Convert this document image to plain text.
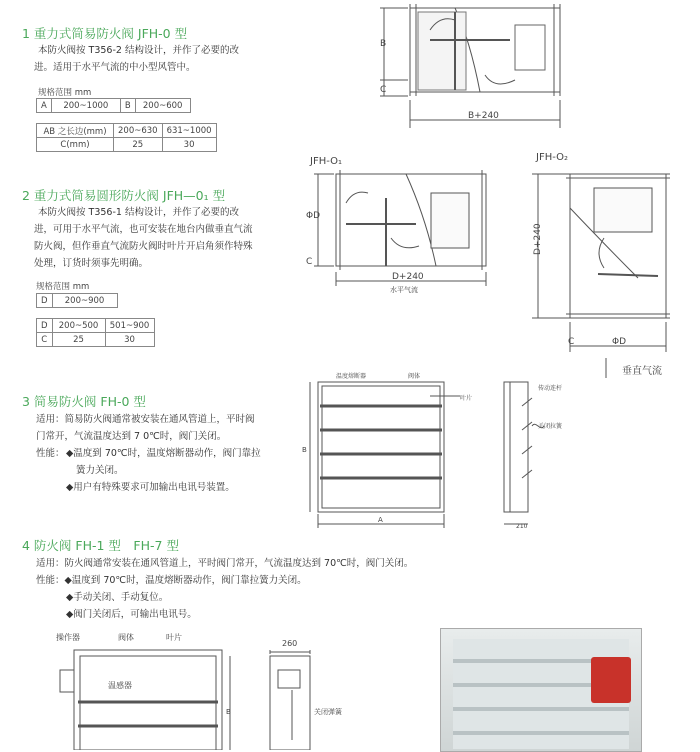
1 重力式简易防火阀 JFH-0 型
本防火阀按 T356-2 结构设计，并作了必要的改
进。适用于水平气流的中小型风管中。
规格范围 mm
A	200~1000	B	200~600
AB 之长边(mm)	200~630	631~1000
C(mm)	25	30
2 重力式简易圆形防火阀 JFH—0₁ 型
本防火阀按 T356-1 结构设计，并作了必要的改
进，可用于水平气流，也可安装在地台内做垂直气流
防火阀，但作垂直气流防火阀时叶片开启角须作特殊
处理，订货时须事先明确。
规格范围 mm
D	200~900
D	200~500	501~900
C	25	30
3 简易防火阀 FH-0 型
适用：简易防火阀通常被安装在通风管道上，平时阀
门常开，气流温度达到 7 0℃时，阀门关闭。
性能： ◆温度到 70℃时，温度熔断器动作，阀门靠拉
簧力关闭。
◆用户有特殊要求可加输出电讯号装置。
4 防火阀 FH-1 型　FH-7 型
适用：防火阀通常安装在通风管道上，平时阀门常开，气流温度达到 70℃时，阀门关闭。
性能：◆温度到 70℃时，温度熔断器动作，阀门靠拉簧力关闭。
◆手动关闭、手动复位。
◆阀门关闭后，可输出电讯号。
B
C
B+240
JFH-O₁
ΦD
C
D+240
水平气流
JFH-O₂
D+240
C	ΦD
垂直气流
温度熔断器	阀体
叶片
A
B
210
传动连杆
关闭拉簧
操作器	阀体	叶片
温感器
B
260
关闭弹簧
